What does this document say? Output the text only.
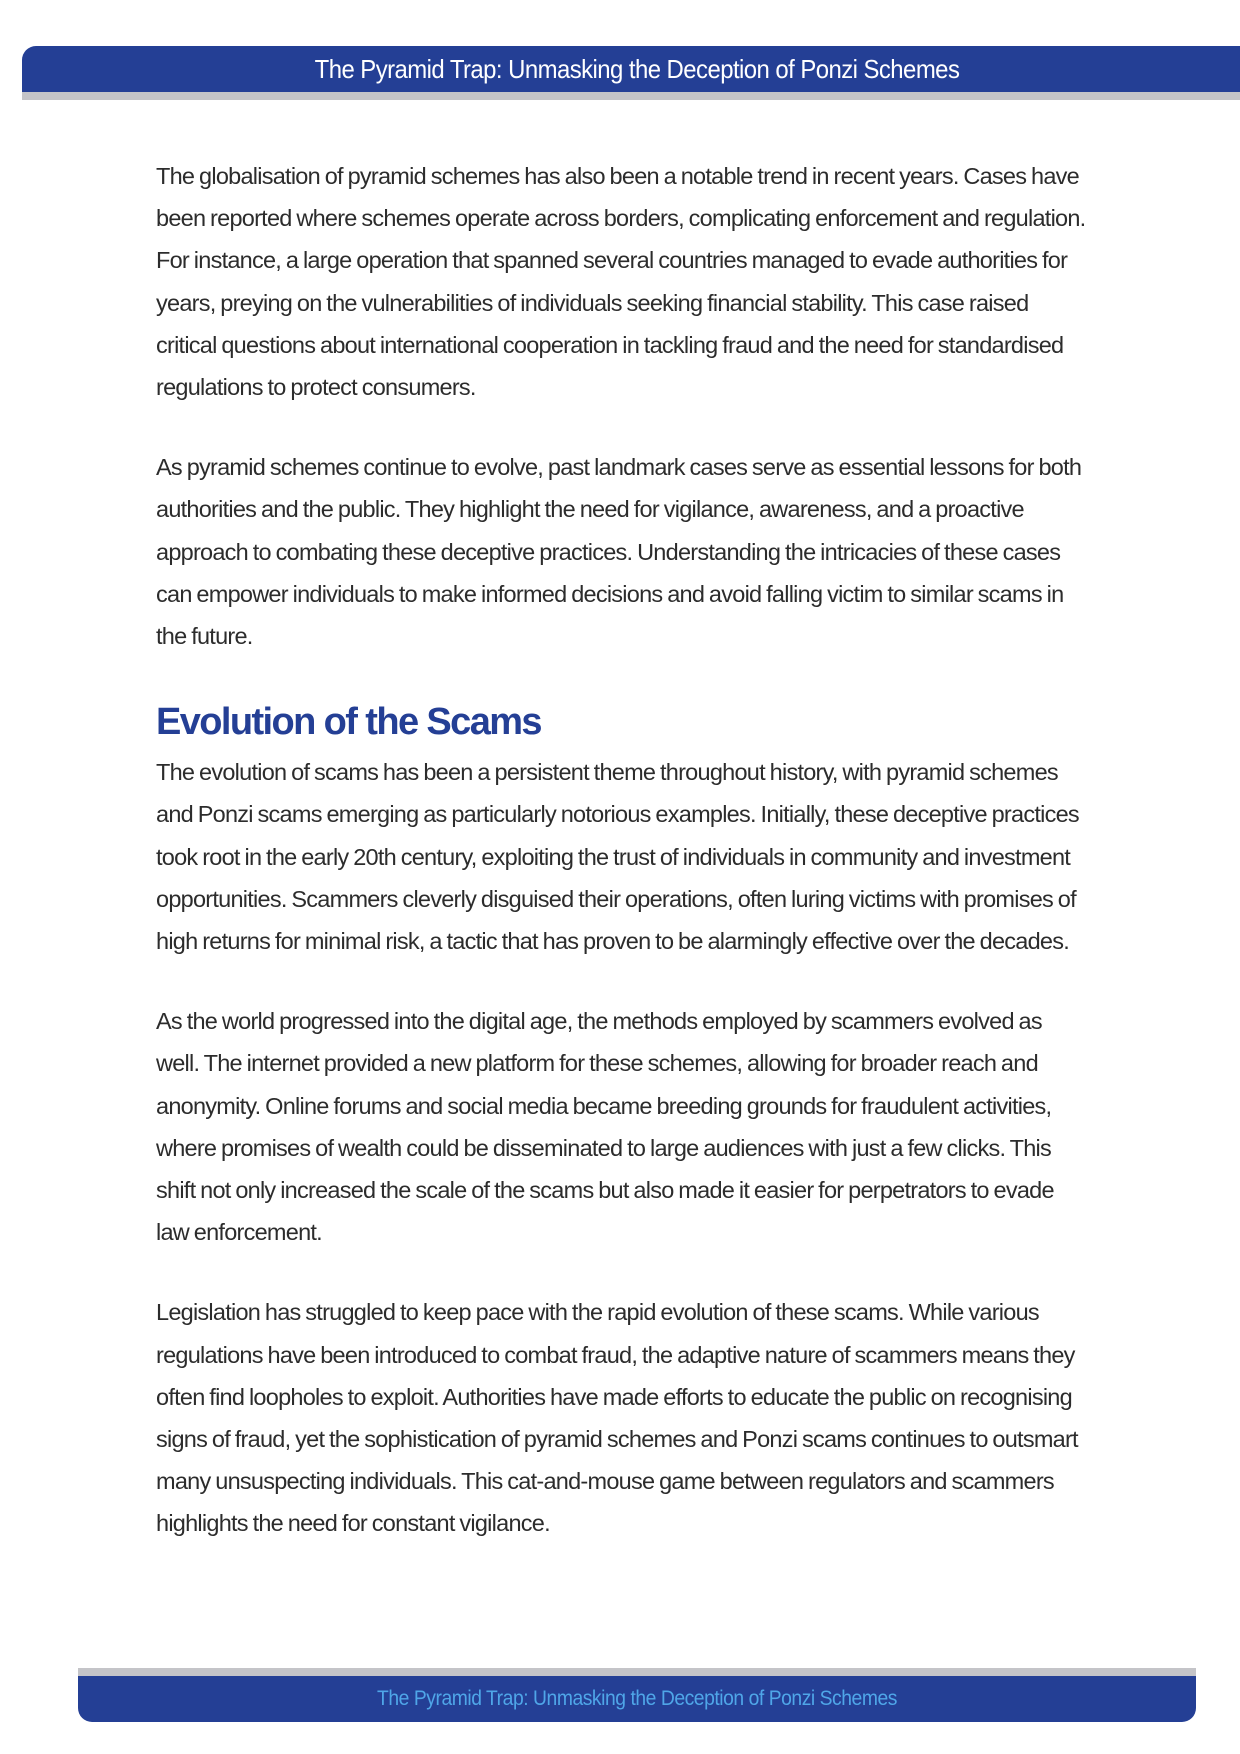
The Pyramid Trap: Unmasking the Deception of Ponzi Schemes

The globalisation of pyramid schemes has also been a notable trend in recent years. Cases have been reported where schemes operate across borders, complicating enforcement and regulation. For instance, a large operation that spanned several countries managed to evade authorities for years, preying on the vulnerabilities of individuals seeking financial stability. This case raised critical questions about international cooperation in tackling fraud and the need for standardised regulations to protect consumers.

As pyramid schemes continue to evolve, past landmark cases serve as essential lessons for both authorities and the public. They highlight the need for vigilance, awareness, and a proactive approach to combating these deceptive practices. Understanding the intricacies of these cases can empower individuals to make informed decisions and avoid falling victim to similar scams in the future.

Evolution of the Scams

The evolution of scams has been a persistent theme throughout history, with pyramid schemes and Ponzi scams emerging as particularly notorious examples. Initially, these deceptive practices took root in the early 20th century, exploiting the trust of individuals in community and investment opportunities. Scammers cleverly disguised their operations, often luring victims with promises of high returns for minimal risk, a tactic that has proven to be alarmingly effective over the decades.

As the world progressed into the digital age, the methods employed by scammers evolved as well. The internet provided a new platform for these schemes, allowing for broader reach and anonymity. Online forums and social media became breeding grounds for fraudulent activities, where promises of wealth could be disseminated to large audiences with just a few clicks. This shift not only increased the scale of the scams but also made it easier for perpetrators to evade law enforcement.

Legislation has struggled to keep pace with the rapid evolution of these scams. While various regulations have been introduced to combat fraud, the adaptive nature of scammers means they often find loopholes to exploit. Authorities have made efforts to educate the public on recognising signs of fraud, yet the sophistication of pyramid schemes and Ponzi scams continues to outsmart many unsuspecting individuals. This cat-and-mouse game between regulators and scammers highlights the need for constant vigilance.

The Pyramid Trap: Unmasking the Deception of Ponzi Schemes
